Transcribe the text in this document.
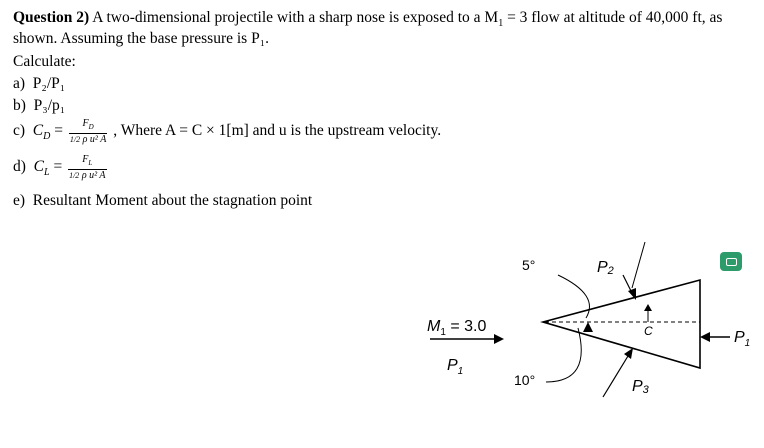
Question 2) A two-dimensional projectile with a sharp nose is exposed to a $M_1 = 3$ flow at altitude of 40,000 ft, as
shown. Assuming the base pressure is P₁.
Calculate:
a) P₂/P₁
b) P₃/p₁
c) $C_D = \frac{F_D}{\text{1/2 ρ u² A}}$ , Where A = C × 1[m] and u is the upstream velocity.
d) $C_L = \frac{F_L}{\text{1/2 ρ u² A}}$
e) Resultant Moment about the stagnation point
5°
10°
$M_1 = 3.0$
$P_1$
P2
P3
C	$P_1$
